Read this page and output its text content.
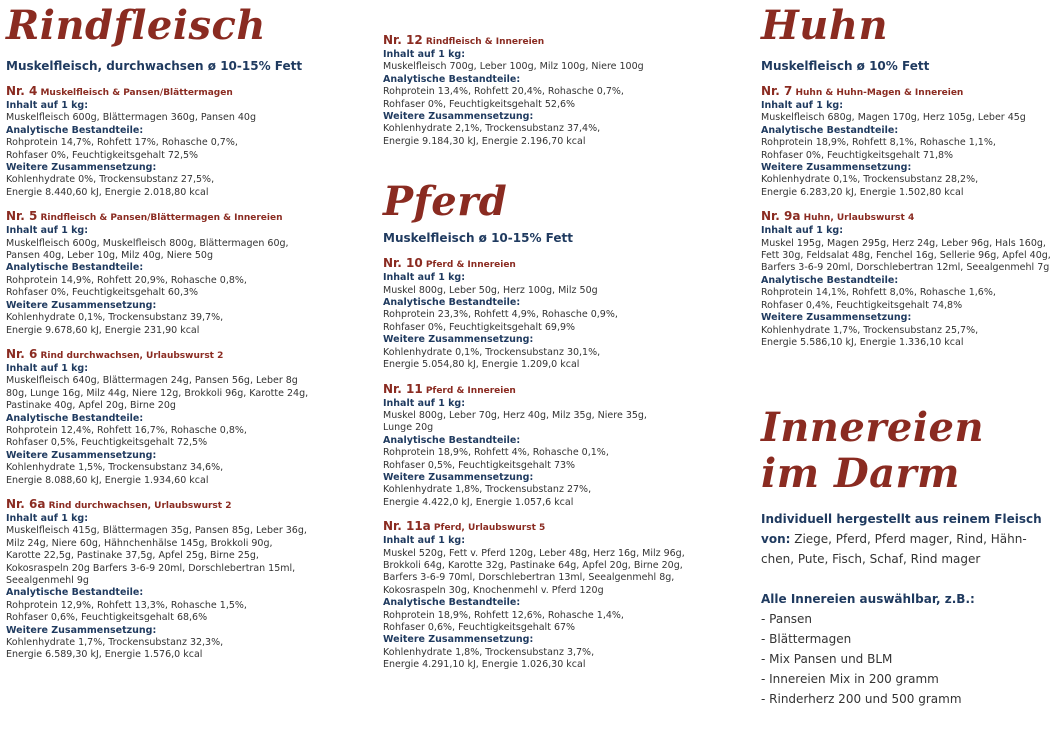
Rindfleisch
Muskelfleisch, durchwachsen ø 10-15% Fett
Nr. 4 Muskelfleisch & Pansen/Blättermagen
Inhalt auf 1 kg:
Muskelfleisch 600g, Blättermagen 360g, Pansen 40g
Analytische Bestandteile:
Rohprotein 14,7%, Rohfett 17%, Rohasche 0,7%,
Rohfaser 0%, Feuchtigkeitsgehalt 72,5%
Weitere Zusammensetzung:
Kohlenhydrate 0%, Trockensubstanz 27,5%,
Energie 8.440,60 kJ, Energie 2.018,80 kcal
Nr. 5 Rindfleisch & Pansen/Blättermagen & Innereien
Inhalt auf 1 kg:
Muskelfleisch 600g, Muskelfleisch 800g, Blättermagen 60g,
Pansen 40g, Leber 10g, Milz 40g, Niere 50g
Analytische Bestandteile:
Rohprotein 14,9%, Rohfett 20,9%, Rohasche 0,8%,
Rohfaser 0%, Feuchtigkeitsgehalt 60,3%
Weitere Zusammensetzung:
Kohlenhydrate 0,1%, Trockensubstanz 39,7%,
Energie 9.678,60 kJ, Energie 231,90 kcal
Nr. 6 Rind durchwachsen, Urlaubswurst 2
Inhalt auf 1 kg:
Muskelfleisch 640g, Blättermagen 24g, Pansen 56g, Leber 8g
80g, Lunge 16g, Milz 44g, Niere 12g, Brokkoli 96g, Karotte 24g,
Pastinake 40g, Apfel 20g, Birne 20g
Analytische Bestandteile:
Rohprotein 12,4%, Rohfett 16,7%, Rohasche 0,8%,
Rohfaser 0,5%, Feuchtigkeitsgehalt 72,5%
Weitere Zusammensetzung:
Kohlenhydrate 1,5%, Trockensubstanz 34,6%,
Energie 8.088,60 kJ, Energie 1.934,60 kcal
Nr. 6a Rind durchwachsen, Urlaubswurst 2
Inhalt auf 1 kg:
Muskelfleisch 415g, Blättermagen 35g, Pansen 85g, Leber 36g,
Milz 24g, Niere 60g, Hähnchenhälse 145g, Brokkoli 90g,
Karotte 22,5g, Pastinake 37,5g, Apfel 25g, Birne 25g,
Kokosraspeln 20g Barfers 3-6-9 20ml, Dorschlebertran 15ml,
Seealgenmehl 9g
Analytische Bestandteile:
Rohprotein 12,9%, Rohfett 13,3%, Rohasche 1,5%,
Rohfaser 0,6%, Feuchtigkeitsgehalt 68,6%
Weitere Zusammensetzung:
Kohlenhydrate 1,7%, Trockensubstanz 32,3%,
Energie 6.589,30 kJ, Energie 1.576,0 kcal
Nr. 12 Rindfleisch & Innereien
Inhalt auf 1 kg:
Muskelfleisch 700g, Leber 100g, Milz 100g, Niere 100g
Analytische Bestandteile:
Rohprotein 13,4%, Rohfett 20,4%, Rohasche 0,7%,
Rohfaser 0%, Feuchtigkeitsgehalt 52,6%
Weitere Zusammensetzung:
Kohlenhydrate 2,1%, Trockensubstanz 37,4%,
Energie 9.184,30 kJ, Energie 2.196,70 kcal
Pferd
Muskelfleisch ø 10-15% Fett
Nr. 10 Pferd & Innereien
Inhalt auf 1 kg:
Muskel 800g, Leber 50g, Herz 100g, Milz 50g
Analytische Bestandteile:
Rohprotein 23,3%, Rohfett 4,9%, Rohasche 0,9%,
Rohfaser 0%, Feuchtigkeitsgehalt 69,9%
Weitere Zusammensetzung:
Kohlenhydrate 0,1%, Trockensubstanz 30,1%,
Energie 5.054,80 kJ, Energie 1.209,0 kcal
Nr. 11 Pferd & Innereien
Inhalt auf 1 kg:
Muskel 800g, Leber 70g, Herz 40g, Milz 35g, Niere 35g,
Lunge 20g
Analytische Bestandteile:
Rohprotein 18,9%, Rohfett 4%, Rohasche 0,1%,
Rohfaser 0,5%, Feuchtigkeitsgehalt 73%
Weitere Zusammensetzung:
Kohlenhydrate 1,8%, Trockensubstanz 27%,
Energie 4.422,0 kJ, Energie 1.057,6 kcal
Nr. 11a Pferd, Urlaubswurst 5
Inhalt auf 1 kg:
Muskel 520g, Fett v. Pferd 120g, Leber 48g, Herz 16g, Milz 96g,
Brokkoli 64g, Karotte 32g, Pastinake 64g, Apfel 20g, Birne 20g,
Barfers 3-6-9 70ml, Dorschlebertran 13ml, Seealgenmehl 8g,
Kokosraspeln 30g, Knochenmehl v. Pferd 120g
Analytische Bestandteile:
Rohprotein 18,9%, Rohfett 12,6%, Rohasche 1,4%,
Rohfaser 0,6%, Feuchtigkeitsgehalt 67%
Weitere Zusammensetzung:
Kohlenhydrate 1,8%, Trockensubstanz 3,7%,
Energie 4.291,10 kJ, Energie 1.026,30 kcal
Huhn
Muskelfleisch ø 10% Fett
Nr. 7 Huhn & Huhn-Magen & Innereien
Inhalt auf 1 kg:
Muskelfleisch 680g, Magen 170g, Herz 105g, Leber 45g
Analytische Bestandteile:
Rohprotein 18,9%, Rohfett 8,1%, Rohasche 1,1%,
Rohfaser 0%, Feuchtigkeitsgehalt 71,8%
Weitere Zusammensetzung:
Kohlenhydrate 0,1%, Trockensubstanz 28,2%,
Energie 6.283,20 kJ, Energie 1.502,80 kcal
Nr. 9a Huhn, Urlaubswurst 4
Inhalt auf 1 kg:
Muskel 195g, Magen 295g, Herz 24g, Leber 96g, Hals 160g,
Fett 30g, Feldsalat 48g, Fenchel 16g, Sellerie 96g, Apfel 40g,
Barfers 3-6-9 20ml, Dorschlebertran 12ml, Seealgenmehl 7g
Analytische Bestandteile:
Rohprotein 14,1%, Rohfett 8,0%, Rohasche 1,6%,
Rohfaser 0,4%, Feuchtigkeitsgehalt 74,8%
Weitere Zusammensetzung:
Kohlenhydrate 1,7%, Trockensubstanz 25,7%,
Energie 5.586,10 kJ, Energie 1.336,10 kcal
Innereien
im Darm
Individuell hergestellt aus reinem Fleisch
von: Ziege, Pferd, Pferd mager, Rind, Hähn-
chen, Pute, Fisch, Schaf, Rind mager
Alle Innereien auswählbar, z.B.:
- Pansen
- Blättermagen
- Mix Pansen und BLM
- Innereien Mix in 200 gramm
- Rinderherz 200 und 500 gramm
